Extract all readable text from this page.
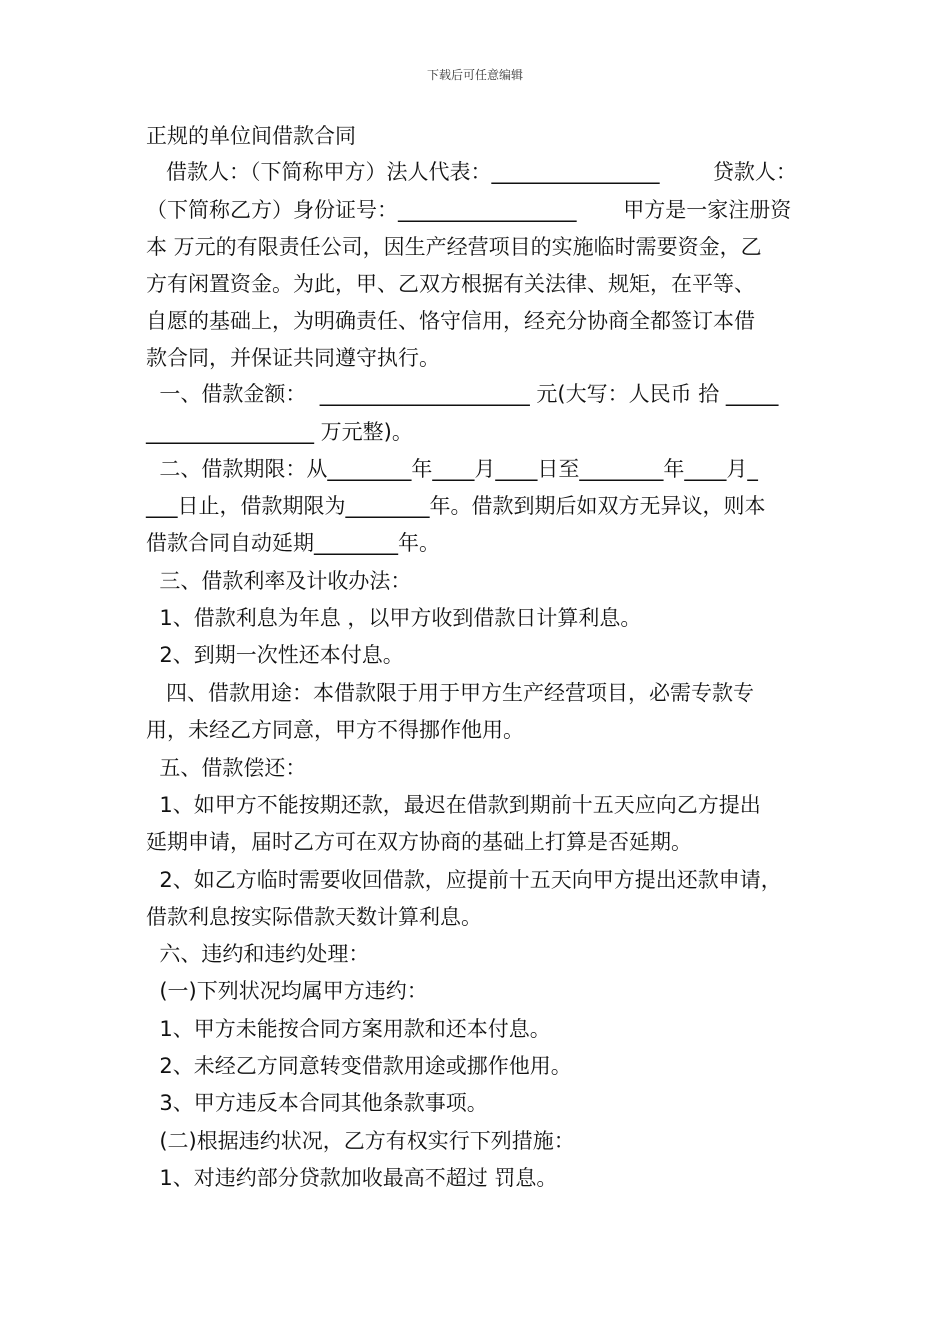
下载后可任意编辑
正规的单位间借款合同
借款人：（下简称甲方）法人代表：________________        贷款人：
（下简称乙方）身份证号：_________________       甲方是一家注册资
本 万元的有限责任公司，因生产经营项目的实施临时需要资金，乙
方有闲置资金。为此，甲、乙双方根据有关法律、规矩，在平等、
自愿的基础上，为明确责任、恪守信用，经充分协商全都签订本借
款合同，并保证共同遵守执行。
一、借款金额：  ____________________ 元(大写：人民币 拾 _____
________________ 万元整)。
二、借款期限：从________年____月____日至________年____月_
___日止，借款期限为________年。借款到期后如双方无异议，则本
借款合同自动延期________年。
三、借款利率及计收办法：
1、借款利息为年息 ，以甲方收到借款日计算利息。
2、到期一次性还本付息。
四、借款用途：本借款限于用于甲方生产经营项目，必需专款专
用，未经乙方同意，甲方不得挪作他用。
五、借款偿还：
1、如甲方不能按期还款，最迟在借款到期前十五天应向乙方提出
延期申请，届时乙方可在双方协商的基础上打算是否延期。
2、如乙方临时需要收回借款，应提前十五天向甲方提出还款申请，
借款利息按实际借款天数计算利息。
六、违约和违约处理：
(一)下列状况均属甲方违约：
1、甲方未能按合同方案用款和还本付息。
2、未经乙方同意转变借款用途或挪作他用。
3、甲方违反本合同其他条款事项。
(二)根据违约状况，乙方有权实行下列措施：
1、对违约部分贷款加收最高不超过 罚息。
